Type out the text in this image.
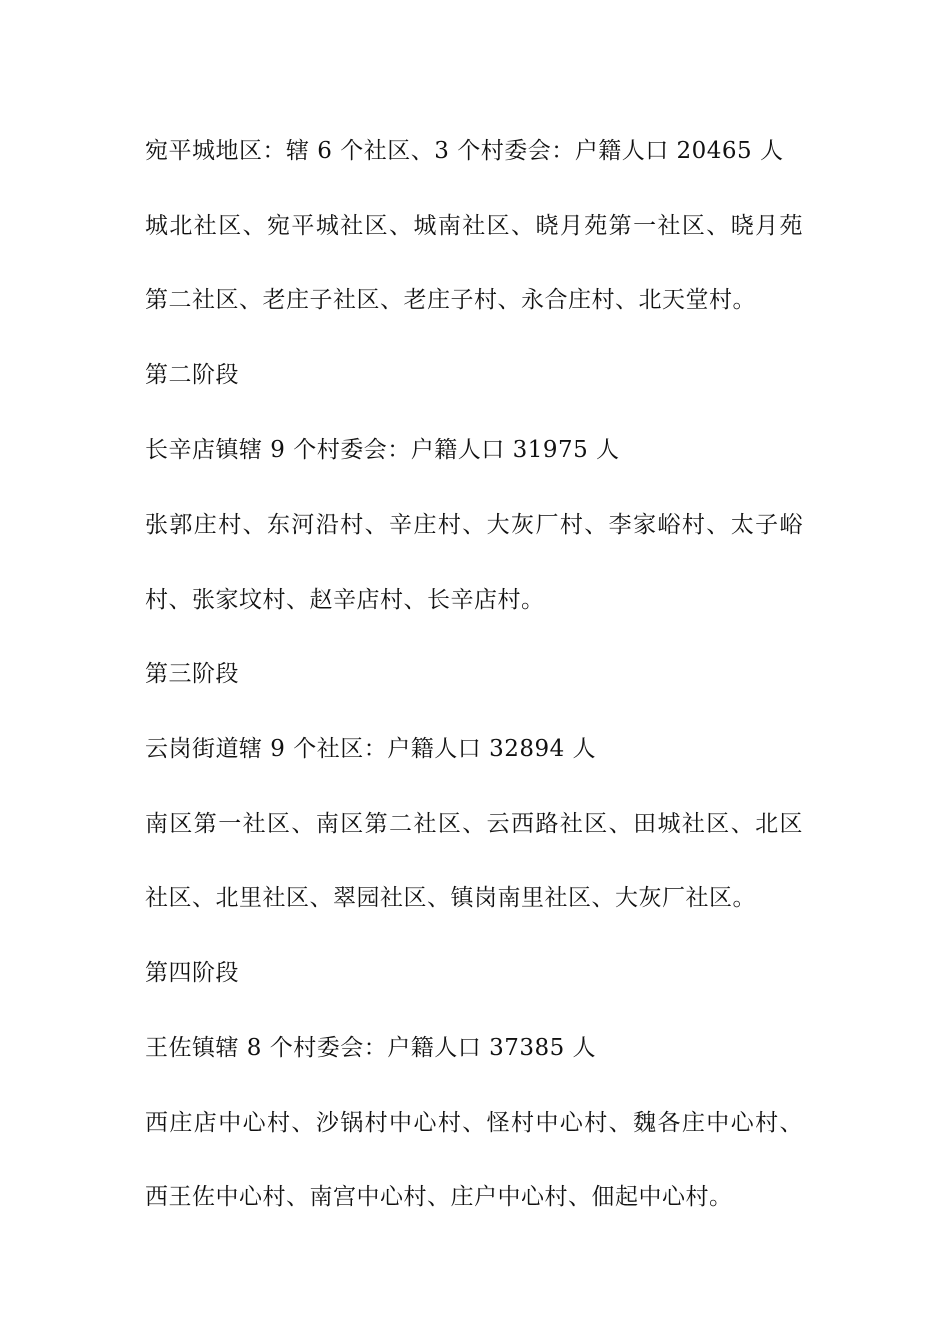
宛平城地区：辖 6 个社区、3 个村委会：户籍人口 20465 人
城北社区、宛平城社区、城南社区、晓月苑第一社区、晓月苑
第二社区、老庄子社区、老庄子村、永合庄村、北天堂村。
第二阶段
长辛店镇辖 9 个村委会：户籍人口 31975 人
张郭庄村、东河沿村、辛庄村、大灰厂村、李家峪村、太子峪
村、张家坟村、赵辛店村、长辛店村。
第三阶段
云岗街道辖 9 个社区：户籍人口 32894 人
南区第一社区、南区第二社区、云西路社区、田城社区、北区
社区、北里社区、翠园社区、镇岗南里社区、大灰厂社区。
第四阶段
王佐镇辖 8 个村委会：户籍人口 37385 人
西庄店中心村、沙锅村中心村、怪村中心村、魏各庄中心村、
西王佐中心村、南宫中心村、庄户中心村、佃起中心村。
